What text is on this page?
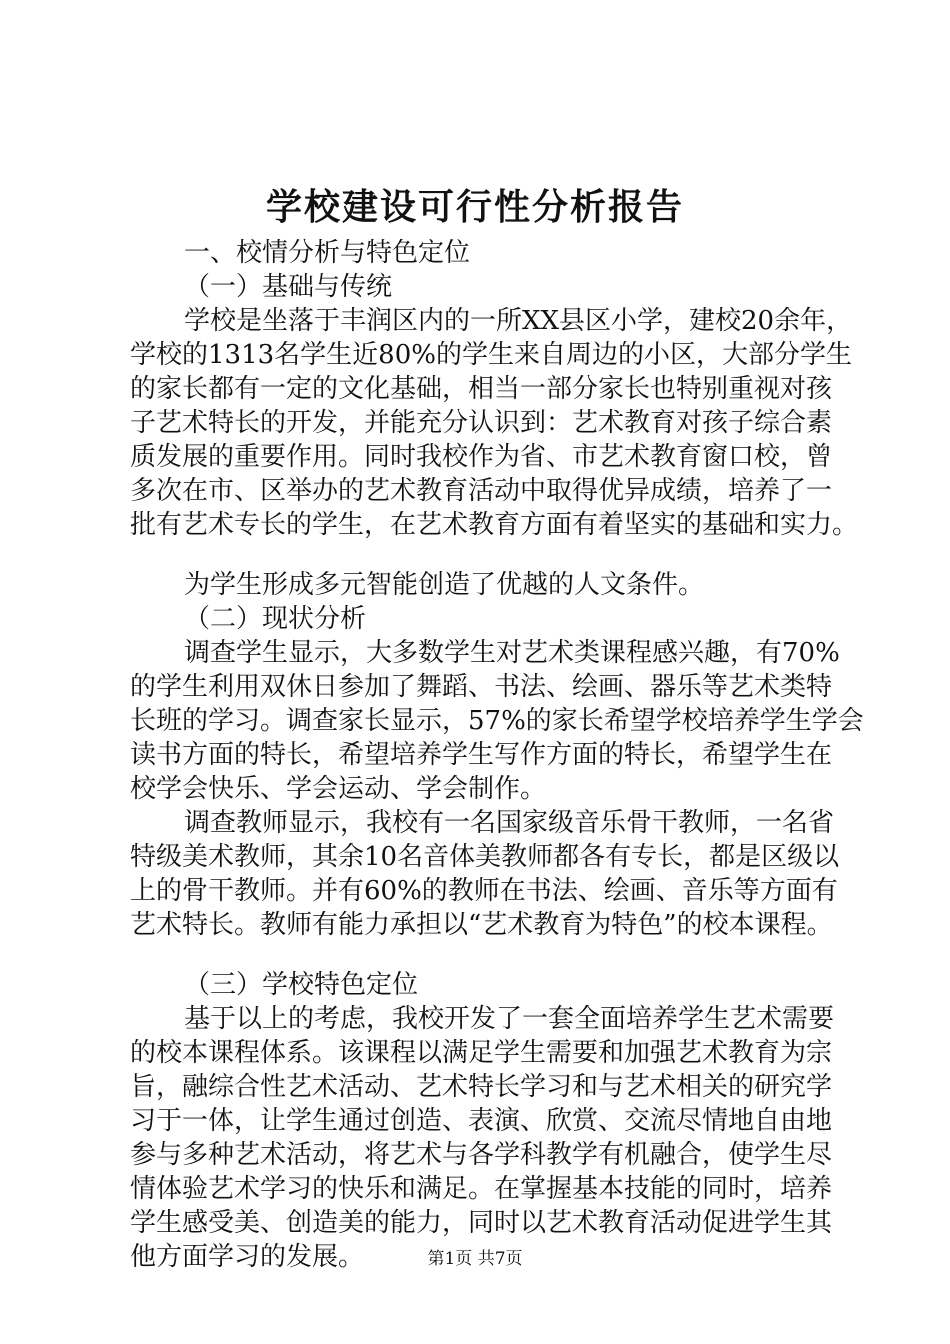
学校建设可行性分析报告
一、校情分析与特色定位
（一）基础与传统
学校是坐落于丰润区内的一所XX县区小学，建校20余年，
学校的1313名学生近80%的学生来自周边的小区，大部分学生
的家长都有一定的文化基础，相当一部分家长也特别重视对孩
子艺术特长的开发，并能充分认识到：艺术教育对孩子综合素
质发展的重要作用。同时我校作为省、市艺术教育窗口校，曾
多次在市、区举办的艺术教育活动中取得优异成绩，培养了一
批有艺术专长的学生，在艺术教育方面有着坚实的基础和实力。
为学生形成多元智能创造了优越的人文条件。
（二）现状分析
调查学生显示，大多数学生对艺术类课程感兴趣，有70%
的学生利用双休日参加了舞蹈、书法、绘画、器乐等艺术类特
长班的学习。调查家长显示，57%的家长希望学校培养学生学会
读书方面的特长，希望培养学生写作方面的特长，希望学生在
校学会快乐、学会运动、学会制作。
调查教师显示，我校有一名国家级音乐骨干教师，一名省
特级美术教师，其余10名音体美教师都各有专长，都是区级以
上的骨干教师。并有60%的教师在书法、绘画、音乐等方面有
艺术特长。教师有能力承担以“艺术教育为特色”的校本课程。
（三）学校特色定位
基于以上的考虑，我校开发了一套全面培养学生艺术需要
的校本课程体系。该课程以满足学生需要和加强艺术教育为宗
旨，融综合性艺术活动、艺术特长学习和与艺术相关的研究学
习于一体，让学生通过创造、表演、欣赏、交流尽情地自由地
参与多种艺术活动，将艺术与各学科教学有机融合，使学生尽
情体验艺术学习的快乐和满足。在掌握基本技能的同时，培养
学生感受美、创造美的能力，同时以艺术教育活动促进学生其
他方面学习的发展。	第1页 共7页
